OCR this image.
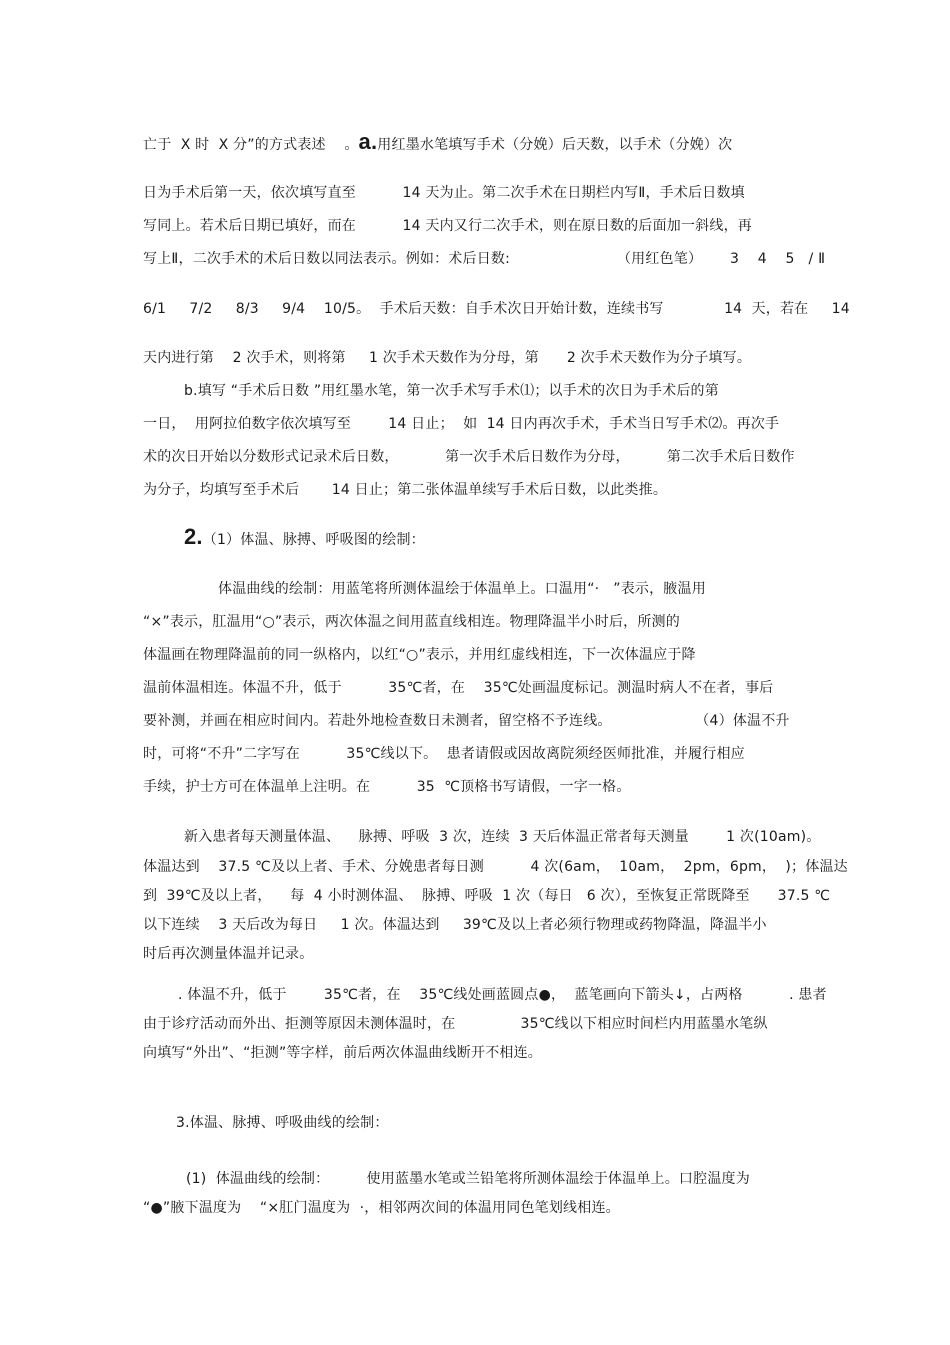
亡于  X 时  X 分”的方式表述    。a.用红墨水笔填写手术（分娩）后天数，以手术（分娩）次
日为手术后第一天，依次填写直至          14 天为止。第二次手术在日期栏内写Ⅱ，手术后日数填
写同上。若术后日期已填好，而在          14 天内又行二次手术，则在原日数的后面加一斜线，再
写上Ⅱ，二次手术的术后日数以同法表示。例如：术后日数:                       （用红色笔）      3    4    5   / Ⅱ
6/1     7/2     8/3     9/4    10/5。  手术后天数：自手术次日开始计数，连续书写             14  天，若在     14
天内进行第    2 次手术，则将第     1 次手术天数作为分母，第      2 次手术天数作为分子填写。
b.填写 “手术后日数 ”用红墨水笔，第一次手术写手术⑴；以手术的次日为手术后的第
一日，  用阿拉伯数字依次填写至        14 日止；  如  14 日内再次手术，手术当日写手术⑵。再次手
术的次日开始以分数形式记录术后日数，          第一次手术后日数作为分母，        第二次手术后日数作
为分子，均填写至手术后       14 日止；第二张体温单续写手术后日数，以此类推。
2.（1）体温、脉搏、呼吸图的绘制：
体温曲线的绘制：用蓝笔将所测体温绘于体温单上。口温用“·   ”表示，腋温用
“×”表示，肛温用“○”表示，两次体温之间用蓝直线相连。物理降温半小时后，所测的
体温画在物理降温前的同一纵格内，以红“○”表示，并用红虚线相连，下一次体温应于降
温前体温相连。体温不升，低于          35℃者，在    35℃处画温度标记。测温时病人不在者，事后
要补测，并画在相应时间内。若赴外地检查数日未测者，留空格不予连线。                  （4）体温不升
时，可将“不升”二字写在          35℃线以下。  患者请假或因故离院须经医师批准，并履行相应
手续，护士方可在体温单上注明。在          35  ℃顶格书写请假，一字一格。
新入患者每天测量体温、    脉搏、呼吸  3 次，连续  3 天后体温正常者每天测量        1 次(10am)。
体温达到    37.5 ℃及以上者、手术、分娩患者每日测          4 次(6am，  10am，  2pm，6pm，  )；体温达
到  39℃及以上者，    每  4 小时测体温、  脉搏、呼吸  1 次（每日   6 次），至恢复正常既降至      37.5 ℃
以下连续    3 天后改为每日     1 次。体温达到     39℃及以上者必须行物理或药物降温，降温半小
时后再次测量体温并记录。
. 体温不升，低于        35℃者，在    35℃线处画蓝圆点●，  蓝笔画向下箭头↓，占两格          . 患者
由于诊疗活动而外出、拒测等原因未测体温时，在              35℃线以下相应时间栏内用蓝墨水笔纵
向填写“外出”、“拒测”等字样，前后两次体温曲线断开不相连。
3.体温、脉搏、呼吸曲线的绘制：
(1)  体温曲线的绘制：        使用蓝墨水笔或兰铅笔将所测体温绘于体温单上。口腔温度为
“●”腋下温度为    “×肛门温度为  ·，相邻两次间的体温用同色笔划线相连。
